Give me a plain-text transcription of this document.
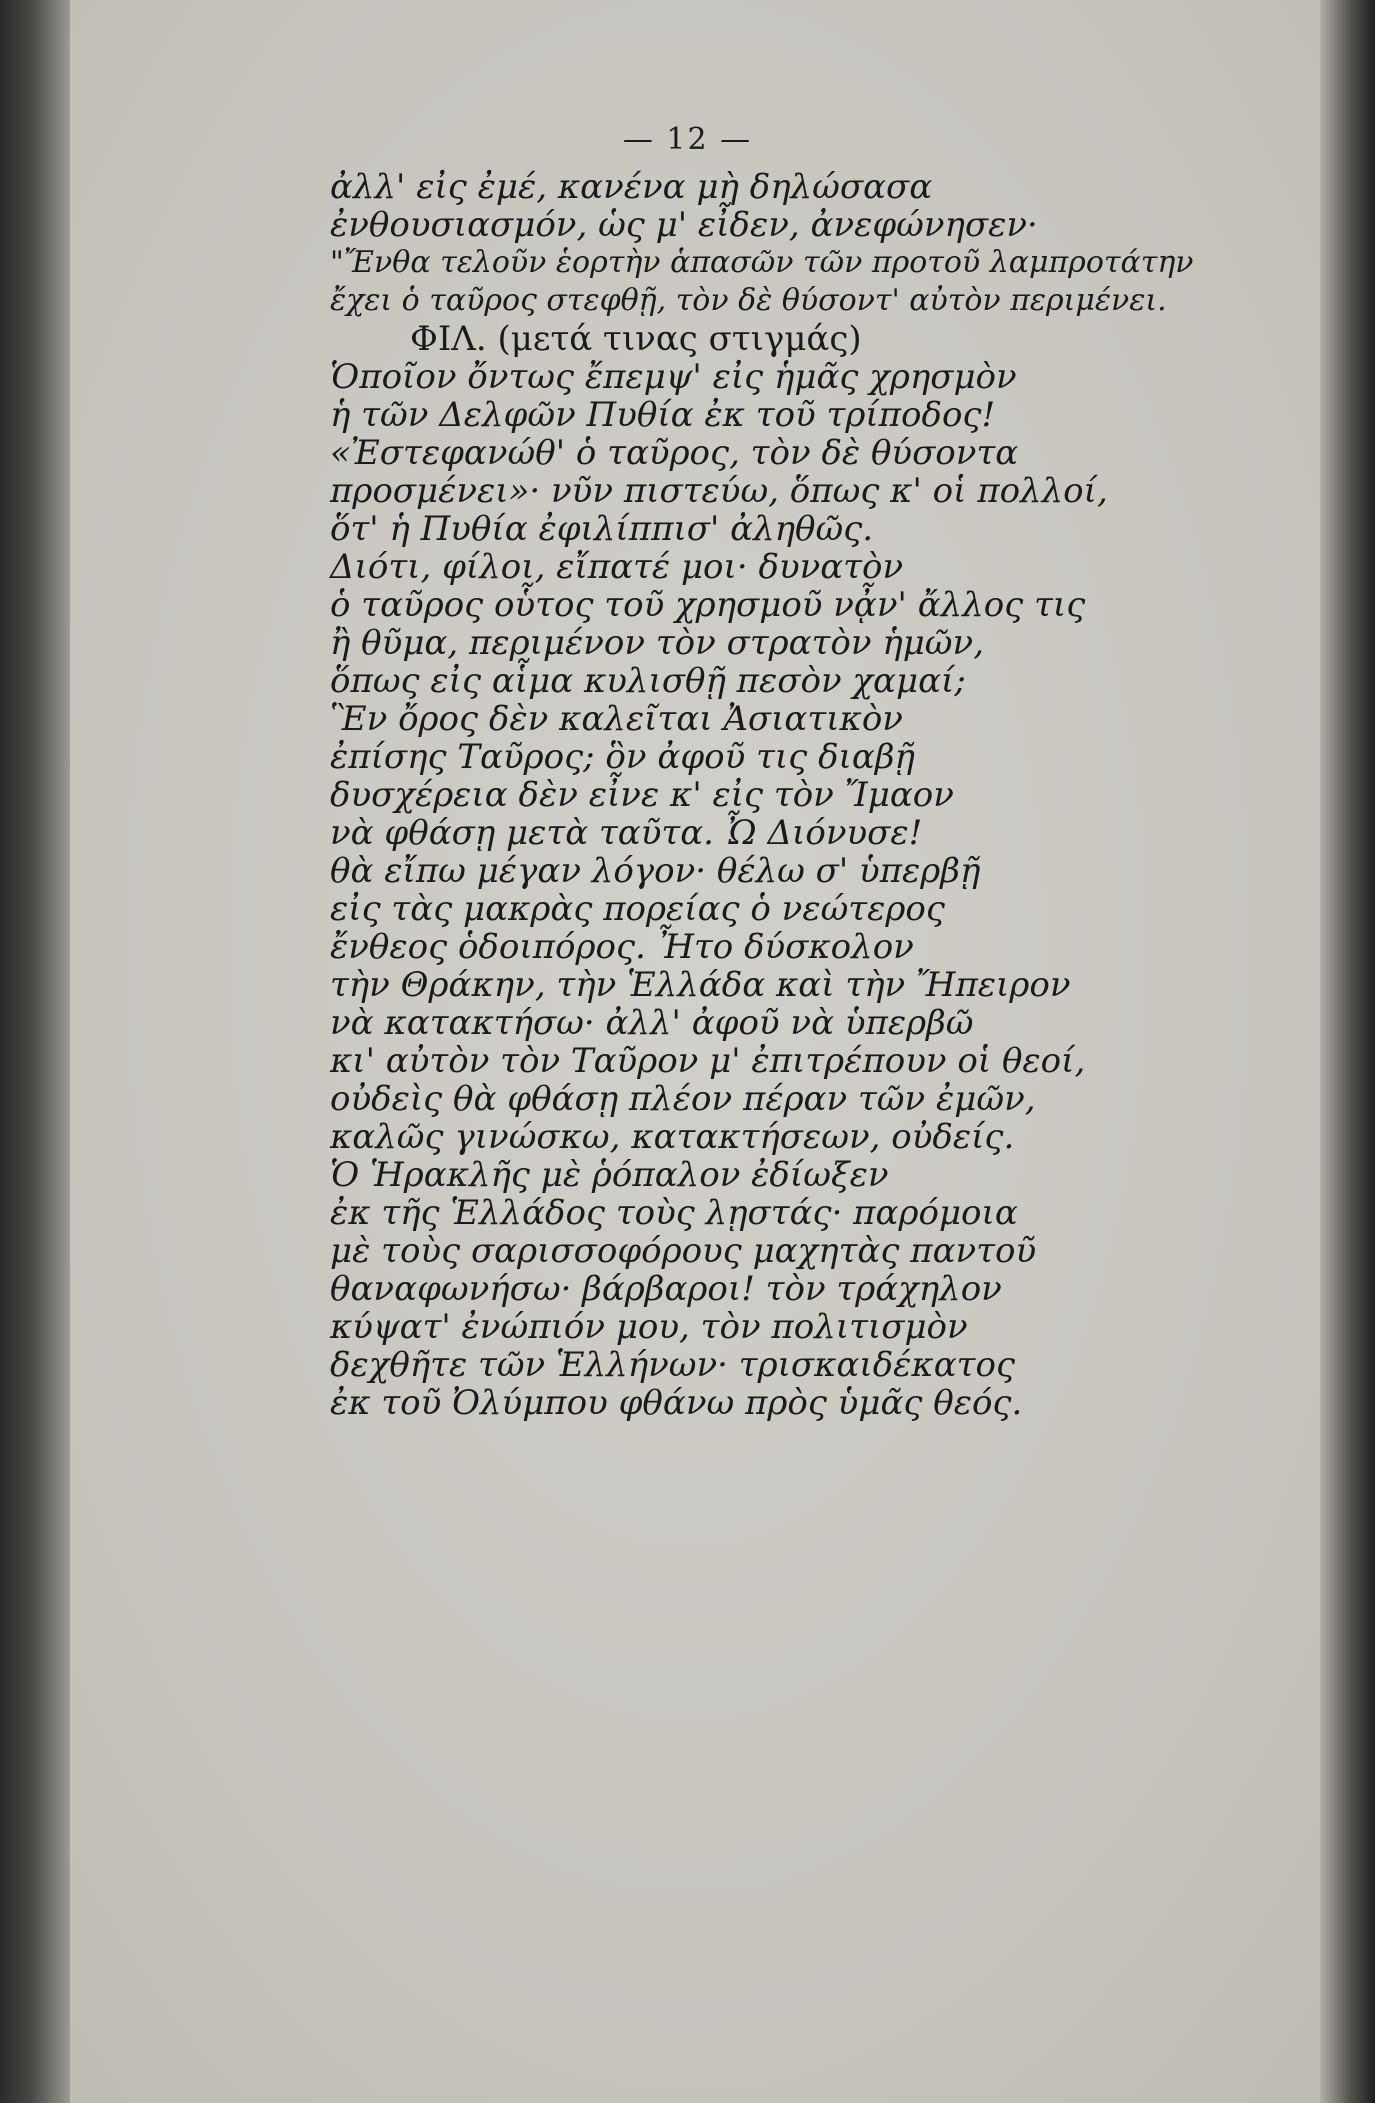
— 12 —
ἀλλ' εἰς ἐμέ, κανένα μὴ δηλώσασα
ἐνθουσιασμόν, ὡς μ' εἶδεν, ἀνεφώνησεν·
"Ἔνθα τελοῦν ἑορτὴν ἁπασῶν τῶν προτοῦ λαμπροτάτην
ἔχει ὁ ταῦρος στεφθῇ, τὸν δὲ θύσοντ' αὐτὸν περιμένει.
ΦΙΛ. (μετά τινας στιγμάς)
Ὁποῖον ὄντως ἔπεμψ' εἰς ἡμᾶς χρησμὸν
ἡ τῶν Δελφῶν Πυθία ἐκ τοῦ τρίποδος!
«Ἐστεφανώθ' ὁ ταῦρος, τὸν δὲ θύσοντα
προσμένει»· νῦν πιστεύω, ὅπως κ' οἱ πολλοί,
ὅτ' ἡ Πυθία ἐφιλίππισ' ἀληθῶς.
Διότι, φίλοι, εἴπατέ μοι· δυνατὸν
ὁ ταῦρος οὗτος τοῦ χρησμοῦ νᾆν' ἄλλος τις
ἢ θῦμα, περιμένον τὸν στρατὸν ἡμῶν,
ὅπως εἰς αἷμα κυλισθῇ πεσὸν χαμαί;
Ἓν ὄρος δὲν καλεῖται Ἀσιατικὸν
ἐπίσης Ταῦρος; ὃν ἀφοῦ τις διαβῇ
δυσχέρεια δὲν εἶνε κ' εἰς τὸν Ἴμαον
νὰ φθάσῃ μετὰ ταῦτα. Ὦ Διόνυσε!
θὰ εἴπω μέγαν λόγον· θέλω σ' ὑπερβῇ
εἰς τὰς μακρὰς πορείας ὁ νεώτερος
ἔνθεος ὁδοιπόρος. Ἦτο δύσκολον
τὴν Θράκην, τὴν Ἑλλάδα καὶ τὴν Ἤπειρον
νὰ κατακτήσω· ἀλλ' ἀφοῦ νὰ ὑπερβῶ
κι' αὐτὸν τὸν Ταῦρον μ' ἐπιτρέπουν οἱ θεοί,
οὐδεὶς θὰ φθάσῃ πλέον πέραν τῶν ἐμῶν,
καλῶς γινώσκω, κατακτήσεων, οὐδείς.
Ὁ Ἡρακλῆς μὲ ῥόπαλον ἐδίωξεν
ἐκ τῆς Ἑλλάδος τοὺς λῃστάς· παρόμοια
μὲ τοὺς σαρισσοφόρους μαχητὰς παντοῦ
θαναφωνήσω· βάρβαροι! τὸν τράχηλον
κύψατ' ἐνώπιόν μου, τὸν πολιτισμὸν
δεχθῆτε τῶν Ἑλλήνων· τρισκαιδέκατος
ἐκ τοῦ Ὀλύμπου φθάνω πρὸς ὑμᾶς θεός.
